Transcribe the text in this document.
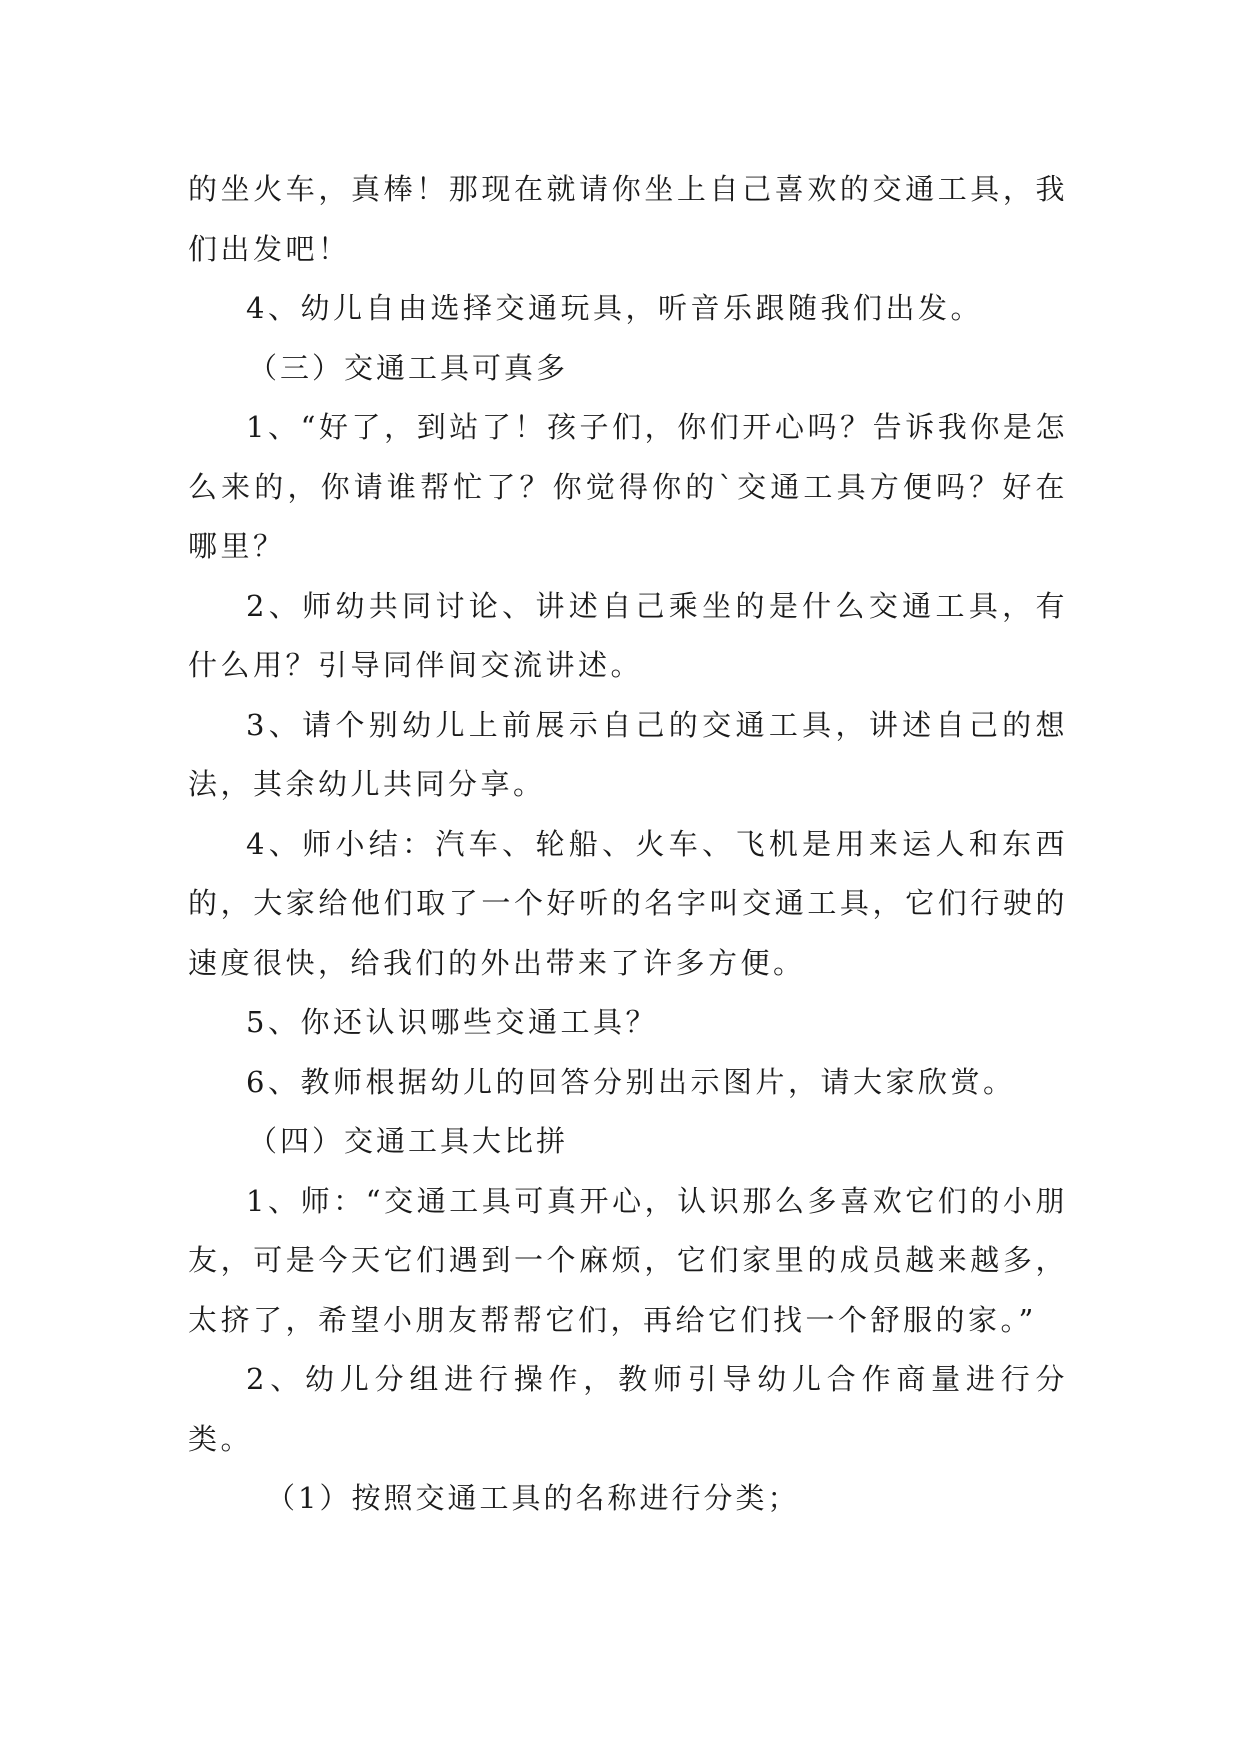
的坐火车，真棒！那现在就请你坐上自己喜欢的交通工具，我们出发吧！

4、幼儿自由选择交通玩具，听音乐跟随我们出发。

（三）交通工具可真多

1、“好了，到站了！孩子们，你们开心吗？告诉我你是怎么来的，你请谁帮忙了？你觉得你的`交通工具方便吗？好在哪里？

2、师幼共同讨论、讲述自己乘坐的是什么交通工具，有什么用？引导同伴间交流讲述。

3、请个别幼儿上前展示自己的交通工具，讲述自己的想法，其余幼儿共同分享。

4、师小结：汽车、轮船、火车、飞机是用来运人和东西的，大家给他们取了一个好听的名字叫交通工具，它们行驶的速度很快，给我们的外出带来了许多方便。

5、你还认识哪些交通工具？

6、教师根据幼儿的回答分别出示图片，请大家欣赏。

（四）交通工具大比拼

1、师：“交通工具可真开心，认识那么多喜欢它们的小朋友，可是今天它们遇到一个麻烦，它们家里的成员越来越多，太挤了，希望小朋友帮帮它们，再给它们找一个舒服的家。”

2、幼儿分组进行操作，教师引导幼儿合作商量进行分类。

（1）按照交通工具的名称进行分类；
